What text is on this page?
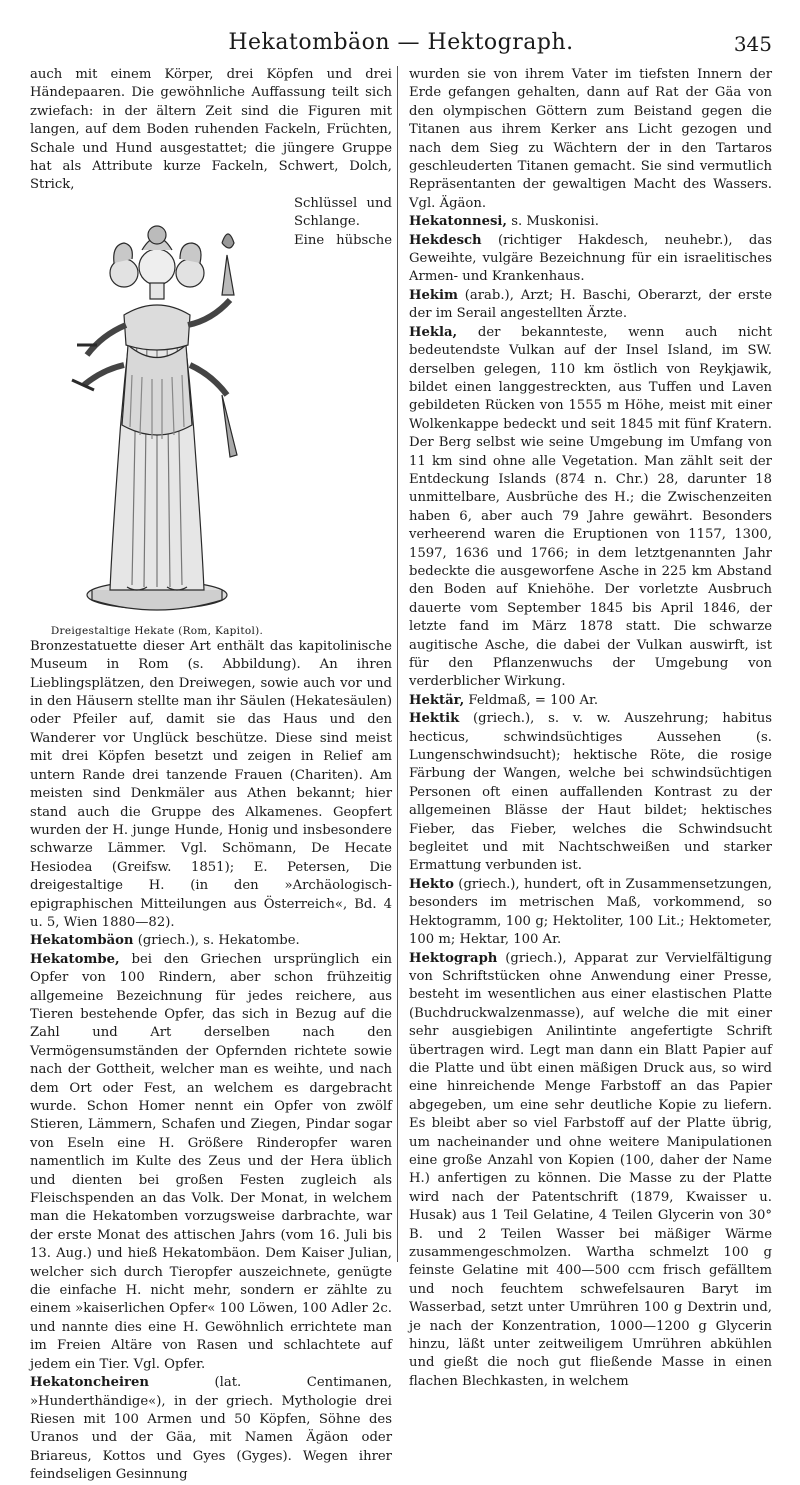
Hekatombäon — Hektograph.	345

auch mit einem Körper, drei Köpfen und drei Händepaaren. Die gewöhnliche Auffassung teilt sich zwiefach: in der ältern Zeit sind die Figuren mit langen, auf dem Boden ruhenden Fackeln, Früchten, Schale und Hund ausgestattet; die jüngere Gruppe hat als Attribute kurze Fackeln, Schwert, Dolch, Strick,

Dreigestaltige Hekate (Rom, Kapitol).

Schlüssel und Schlange. Eine hübsche Bronzestatuette dieser Art enthält das kapitolinische Museum in Rom (s. Abbildung). An ihren Lieblingsplätzen, den Dreiwegen, sowie auch vor und in den Häusern stellte man ihr Säulen (Hekatesäulen) oder Pfeiler auf, damit sie das Haus und den Wanderer vor Unglück beschütze. Diese sind meist mit drei Köpfen besetzt und zeigen in Relief am untern Rande drei tanzende Frauen (Chariten). Am meisten sind Denkmäler aus Athen bekannt; hier stand auch die Gruppe des Alkamenes. Geopfert wurden der H. junge Hunde, Honig und insbesondere schwarze Lämmer. Vgl. Schömann, De Hecate Hesiodea (Greifsw. 1851); E. Petersen, Die dreigestaltige H. (in den »Archäologisch-epigraphischen Mitteilungen aus Österreich«, Bd. 4 u. 5, Wien 1880—82).

Hekatombäon (griech.), s. Hekatombe.

Hekatombe, bei den Griechen ursprünglich ein Opfer von 100 Rindern, aber schon frühzeitig allgemeine Bezeichnung für jedes reichere, aus Tieren bestehende Opfer, das sich in Bezug auf die Zahl und Art derselben nach den Vermögensumständen der Opfernden richtete sowie nach der Gottheit, welcher man es weihte, und nach dem Ort oder Fest, an welchem es dargebracht wurde. Schon Homer nennt ein Opfer von zwölf Stieren, Lämmern, Schafen und Ziegen, Pindar sogar von Eseln eine H. Größere Rinderopfer waren namentlich im Kulte des Zeus und der Hera üblich und dienten bei großen Festen zugleich als Fleischspenden an das Volk. Der Monat, in welchem man die Hekatomben vorzugsweise darbrachte, war der erste Monat des attischen Jahrs (vom 16. Juli bis 13. Aug.) und hieß Hekatombäon. Dem Kaiser Julian, welcher sich durch Tieropfer auszeichnete, genügte die einfache H. nicht mehr, sondern er zählte zu einem »kaiserlichen Opfer« 100 Löwen, 100 Adler 2c. und nannte dies eine H. Gewöhnlich errichtete man im Freien Altäre von Rasen und schlachtete auf jedem ein Tier. Vgl. Opfer.

Hekatoncheiren (lat. Centimanen, »Hunderthändige«), in der griech. Mythologie drei Riesen mit 100 Armen und 50 Köpfen, Söhne des Uranos und der Gäa, mit Namen Ägäon oder Briareus, Kottos und Gyes (Gyges). Wegen ihrer feindseligen Gesinnung

wurden sie von ihrem Vater im tiefsten Innern der Erde gefangen gehalten, dann auf Rat der Gäa von den olympischen Göttern zum Beistand gegen die Titanen aus ihrem Kerker ans Licht gezogen und nach dem Sieg zu Wächtern der in den Tartaros geschleuderten Titanen gemacht. Sie sind vermutlich Repräsentanten der gewaltigen Macht des Wassers. Vgl. Ägäon.

Hekatonnesi, s. Muskonisi.

Hekdesch (richtiger Hakdesch, neuhebr.), das Geweihte, vulgäre Bezeichnung für ein israelitisches Armen- und Krankenhaus.

Hekim (arab.), Arzt; H. Baschi, Oberarzt, der erste der im Serail angestellten Ärzte.

Hekla, der bekannteste, wenn auch nicht bedeutendste Vulkan auf der Insel Island, im SW. derselben gelegen, 110 km östlich von Reykjawik, bildet einen langgestreckten, aus Tuffen und Laven gebildeten Rücken von 1555 m Höhe, meist mit einer Wolkenkappe bedeckt und seit 1845 mit fünf Kratern. Der Berg selbst wie seine Umgebung im Umfang von 11 km sind ohne alle Vegetation. Man zählt seit der Entdeckung Islands (874 n. Chr.) 28, darunter 18 unmittelbare, Ausbrüche des H.; die Zwischenzeiten haben 6, aber auch 79 Jahre gewährt. Besonders verheerend waren die Eruptionen von 1157, 1300, 1597, 1636 und 1766; in dem letztgenannten Jahr bedeckte die ausgeworfene Asche in 225 km Abstand den Boden auf Kniehöhe. Der vorletzte Ausbruch dauerte vom September 1845 bis April 1846, der letzte fand im März 1878 statt. Die schwarze augitische Asche, die dabei der Vulkan auswirft, ist für den Pflanzenwuchs der Umgebung von verderblicher Wirkung.

Hektär, Feldmaß, = 100 Ar.

Hektik (griech.), s. v. w. Auszehrung; habitus hecticus, schwindsüchtiges Aussehen (s. Lungenschwindsucht); hektische Röte, die rosige Färbung der Wangen, welche bei schwindsüchtigen Personen oft einen auffallenden Kontrast zu der allgemeinen Blässe der Haut bildet; hektisches Fieber, das Fieber, welches die Schwindsucht begleitet und mit Nachtschweißen und starker Ermattung verbunden ist.

Hekto (griech.), hundert, oft in Zusammensetzungen, besonders im metrischen Maß, vorkommend, so Hektogramm, 100 g; Hektoliter, 100 Lit.; Hektometer, 100 m; Hektar, 100 Ar.

Hektograph (griech.), Apparat zur Vervielfältigung von Schriftstücken ohne Anwendung einer Presse, besteht im wesentlichen aus einer elastischen Platte (Buchdruckwalzenmasse), auf welche die mit einer sehr ausgiebigen Anilintinte angefertigte Schrift übertragen wird. Legt man dann ein Blatt Papier auf die Platte und übt einen mäßigen Druck aus, so wird eine hinreichende Menge Farbstoff an das Papier abgegeben, um eine sehr deutliche Kopie zu liefern. Es bleibt aber so viel Farbstoff auf der Platte übrig, um nacheinander und ohne weitere Manipulationen eine große Anzahl von Kopien (100, daher der Name H.) anfertigen zu können. Die Masse zu der Platte wird nach der Patentschrift (1879, Kwaisser u. Husak) aus 1 Teil Gelatine, 4 Teilen Glycerin von 30° B. und 2 Teilen Wasser bei mäßiger Wärme zusammengeschmolzen. Wartha schmelzt 100 g feinste Gelatine mit 400—500 ccm frisch gefälltem und noch feuchtem schwefelsauren Baryt im Wasserbad, setzt unter Umrühren 100 g Dextrin und, je nach der Konzentration, 1000—1200 g Glycerin hinzu, läßt unter zeitweiligem Umrühren abkühlen und gießt die noch gut fließende Masse in einen flachen Blechkasten, in welchem
